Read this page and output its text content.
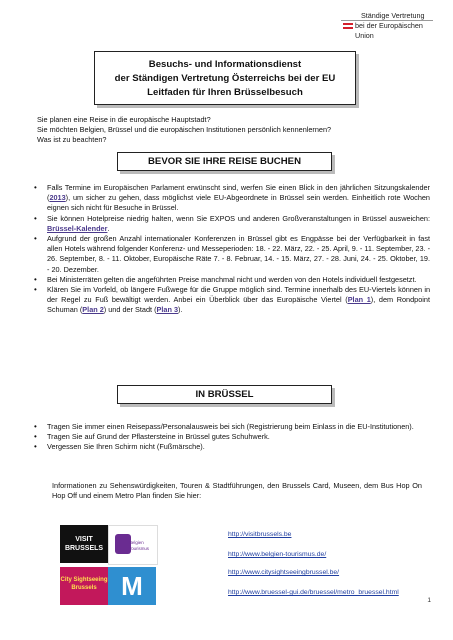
Ständige Vertretung
bei der Europäischen Union
Besuchs- und Informationsdienst
der Ständigen Vertretung Österreichs bei der EU
Leitfaden für Ihren Brüsselbesuch
Sie planen eine Reise in die europäische Hauptstadt?
Sie möchten Belgien, Brüssel und die europäischen Institutionen persönlich kennenlernen?
Was ist zu beachten?
BEVOR SIE IHRE REISE BUCHEN
• Falls Termine im Europäischen Parlament erwünscht sind, werfen Sie einen Blick in den jährlichen Sitzungskalender (2013), um sicher zu gehen, dass möglichst viele EU-Abgeordnete in Brüssel sein werden. Einheitlich rote Wochen eignen sich nicht für Besuche in Brüssel.
• Sie können Hotelpreise niedrig halten, wenn Sie EXPOS und anderen Großveranstaltungen in Brüssel ausweichen: Brüssel-Kalender.
• Aufgrund der großen Anzahl internationaler Konferenzen in Brüssel gibt es Engpässe bei der Verfügbarkeit in fast allen Hotels während folgender Konferenz- und Messeperioden: 18. - 22. März, 22. - 25. April, 9. - 11. September, 23. - 26. September, 8. - 11. Oktober, Europäische Räte 7. - 8. Februar, 14. - 15. März, 27. - 28. Juni, 24. - 25. Oktober, 19. - 20. Dezember.
• Bei Ministerräten gelten die angeführten Preise manchmal nicht und werden von den Hotels individuell festgesetzt.
• Klären Sie im Vorfeld, ob längere Fußwege für die Gruppe möglich sind. Termine innerhalb des EU-Viertels können in der Regel zu Fuß bewältigt werden. Anbei ein Überblick über das Europäische Viertel (Plan 1), dem Rondpoint Schuman (Plan 2) und der Stadt (Plan 3).
IN BRÜSSEL
• Tragen Sie immer einen Reisepass/Personalausweis bei sich (Registrierung beim Einlass in die EU-Institutionen).
• Tragen Sie auf Grund der Pflastersteine in Brüssel gutes Schuhwerk.
• Vergessen Sie Ihren Schirm nicht (Fußmärsche).
Informationen zu Sehenswürdigkeiten, Touren & Stadtführungen, den Brussels Card, Museen, dem Bus Hop On Hop Off und einem Metro Plan finden Sie hier:
VISIT BRUSSELS
Belgien Tourismus
City Sightseeing Brussels M
http://visitbrussels.be
http://www.belgien-tourismus.de/
http://www.citysightseeingbrussel.be/
http://www.bruessel-gui.de/bruessel/metro_bruessel.html
1
